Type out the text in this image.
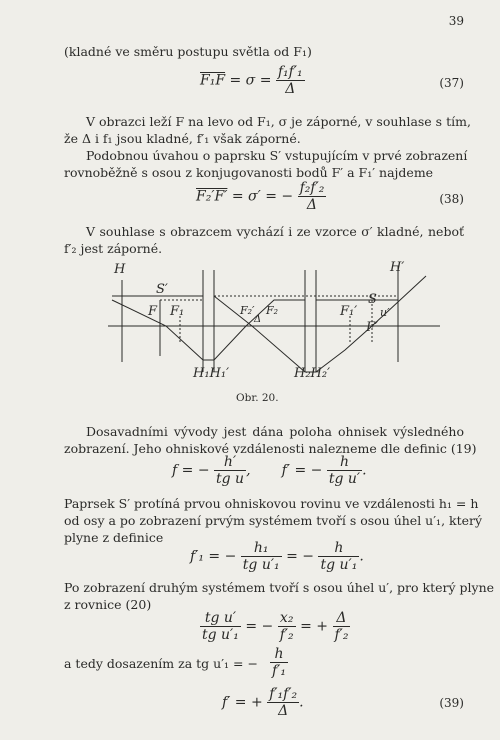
39
(kladné ve směru postupu světla od F₁)
$F_1F = \sigma = \frac{\text{f₁f′₁}}{\Delta}$	(37)
V obrazci leží F na levo od F₁, σ je záporné, v souhlase s tím,
že Δ i f₁ jsou kladné, f′₁ však záporné.
Podobnou úvahou o paprsku S′ vstupujícím v prvé zobrazení
rovnoběžně s osou z konjugovanosti bodů F′ a F₁′ najdeme
F₂′F′ = σ′ = − $\frac{\text{f₂f′₂}}{\Delta}$	(38)
V souhlase s obrazcem vychází i ze vzorce σ′ kladné, neboť
f′₂ jest záporné.
H	H′
S′
S
u′
F F₁	F₂′ F₂
Δ
F₁′
F′
H₁H₁′	H₂H₂′
Obr. 20.
Dosavadními vývody jest dána poloha ohnisek výsledného
zobrazení. Jeho ohniskové vzdálenosti nalezneme dle definic (19)
f = − $\frac{h'}{\text{tg u}}$ ,       f′ = − $\frac{h}{\text{tg u′}}$ .
Paprsek S′ protíná prvou ohniskovou rovinu ve vzdálenosti h₁ = h
od osy a po zobrazení prvým systémem tvoří s osou úhel u′₁, který
plyne z definice
f′₁ = − $\frac{\text{h₁}}{\text{tg u′₁}}$ = − $\frac{h}{\text{tg u′₁}}$ .
Po zobrazení druhým systémem tvoří s osou úhel u′, pro který plyne
z rovnice (20)
$\frac{\text{tg u′}}{\text{tg u′₁}}$ = − $\frac{\text{x₂}}{\text{f′₂}}$ = + $\frac{\Delta}{\text{f′₂}}$
a tedy dosazením za tg u′₁ = − $\frac{h}{\text{f′₁}}$
f′ = + $\frac{\text{f′₁f′₂}}{\Delta}$ .	(39)
